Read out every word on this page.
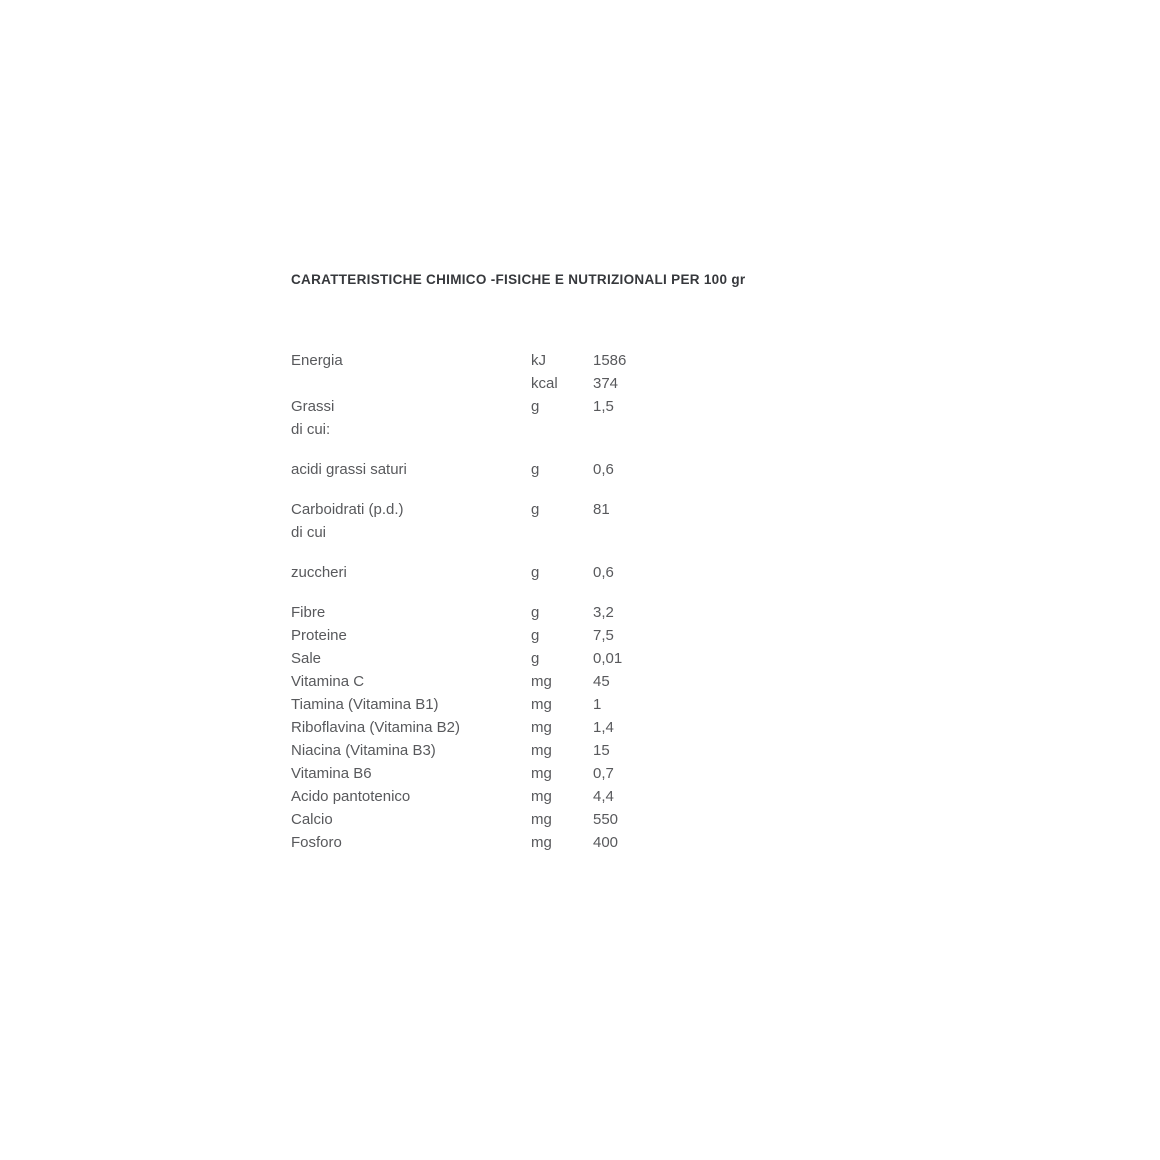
CARATTERISTICHE CHIMICO -FISICHE E NUTRIZIONALI PER 100 gr
Energia	kJ	1586
	kcal	374
Grassi	g	1,5
di cui:		

acidi grassi saturi	g	0,6

Carboidrati (p.d.)	g	81
di cui		

zuccheri	g	0,6

Fibre	g	3,2
Proteine	g	7,5
Sale	g	0,01
Vitamina C	mg	45
Tiamina (Vitamina B1)	mg	1
Riboflavina (Vitamina B2)	mg	1,4
Niacina (Vitamina B3)	mg	15
Vitamina B6	mg	0,7
Acido pantotenico	mg	4,4
Calcio	mg	550
Fosforo	mg	400
